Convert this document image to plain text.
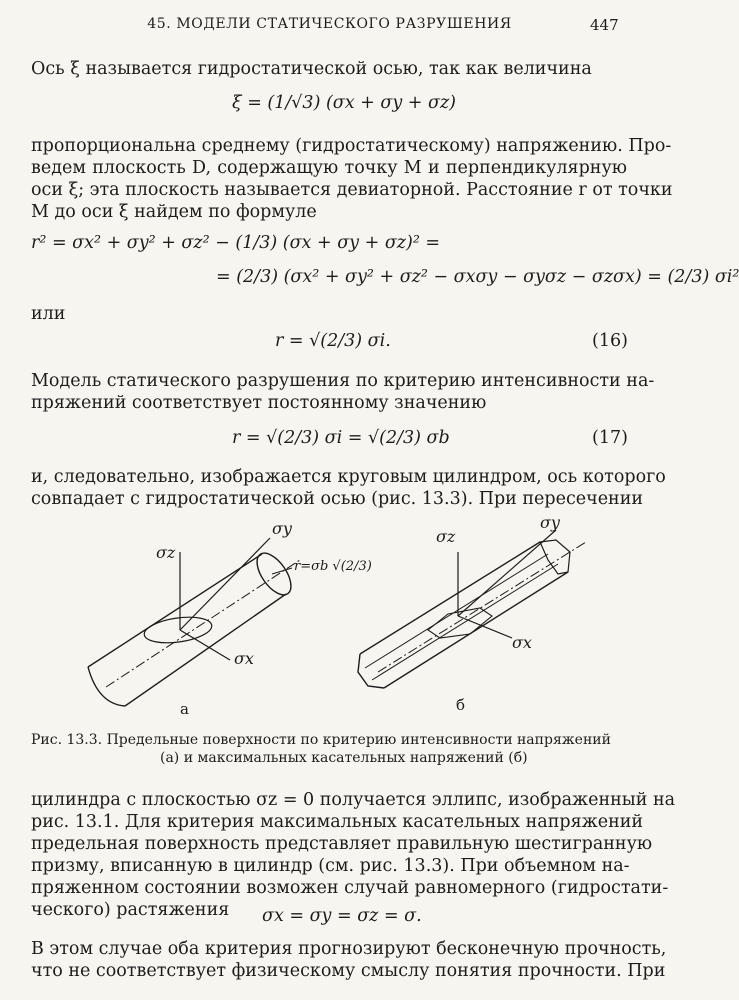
45. МОДЕЛИ СТАТИЧЕСКОГО РАЗРУШЕНИЯ	447
Ось ξ называется гидростатической осью, так как величина
ξ = (1/√3) (σx + σy + σz)
пропорциональна среднему (гидростатическому) напряжению. Про-
ведем плоскость D, содержащую точку M и перпендикулярную
оси ξ; эта плоскость называется девиаторной. Расстояние r от точки
M до оси ξ найдем по формуле
r² = σx² + σy² + σz² − (1/3) (σx + σy + σz)² =
= (2/3) (σx² + σy² + σz² − σxσy − σyσz − σzσx) = (2/3) σi²
или
r = √(2/3) σi.	(16)
Модель статического разрушения по критерию интенсивности на-
пряжений соответствует постоянному значению
r = √(2/3) σi = √(2/3) σb	(17)
и, следовательно, изображается круговым цилиндром, ось которого
совпадает с гидростатической осью (рис. 13.3). При пересечении
σz
σy
σx
r=σb √(2/3)
σz
σy
σx
а	б
Рис. 13.3. Предельные поверхности по критерию интенсивности напряжений
(а) и максимальных касательных напряжений (б)
цилиндра с плоскостью σz = 0 получается эллипс, изображенный на
рис. 13.1. Для критерия максимальных касательных напряжений
предельная поверхность представляет правильную шестигранную
призму, вписанную в цилиндр (см. рис. 13.3). При объемном на-
пряженном состоянии возможен случай равномерного (гидростати-
ческого) растяжения	σx = σy = σz = σ.
В этом случае оба критерия прогнозируют бесконечную прочность,
что не соответствует физическому смыслу понятия прочности. При
